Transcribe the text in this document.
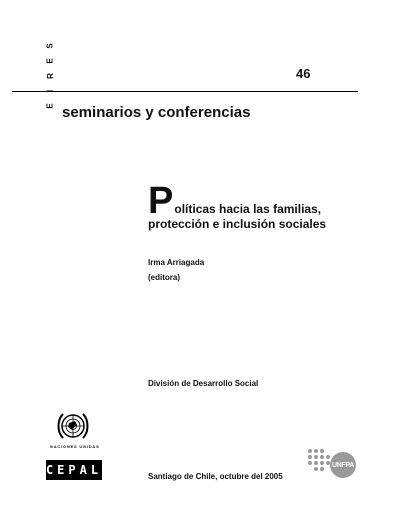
S
E
R
E
46
seminarios y conferencias
P olíticas hacia las familias,
protección e inclusión sociales
Irma Arriagada
(editora)
División de Desarrollo Social
Santiago de Chile, octubre del 2005
NACIONES UNIDAS
CEPAL	UNFPA
